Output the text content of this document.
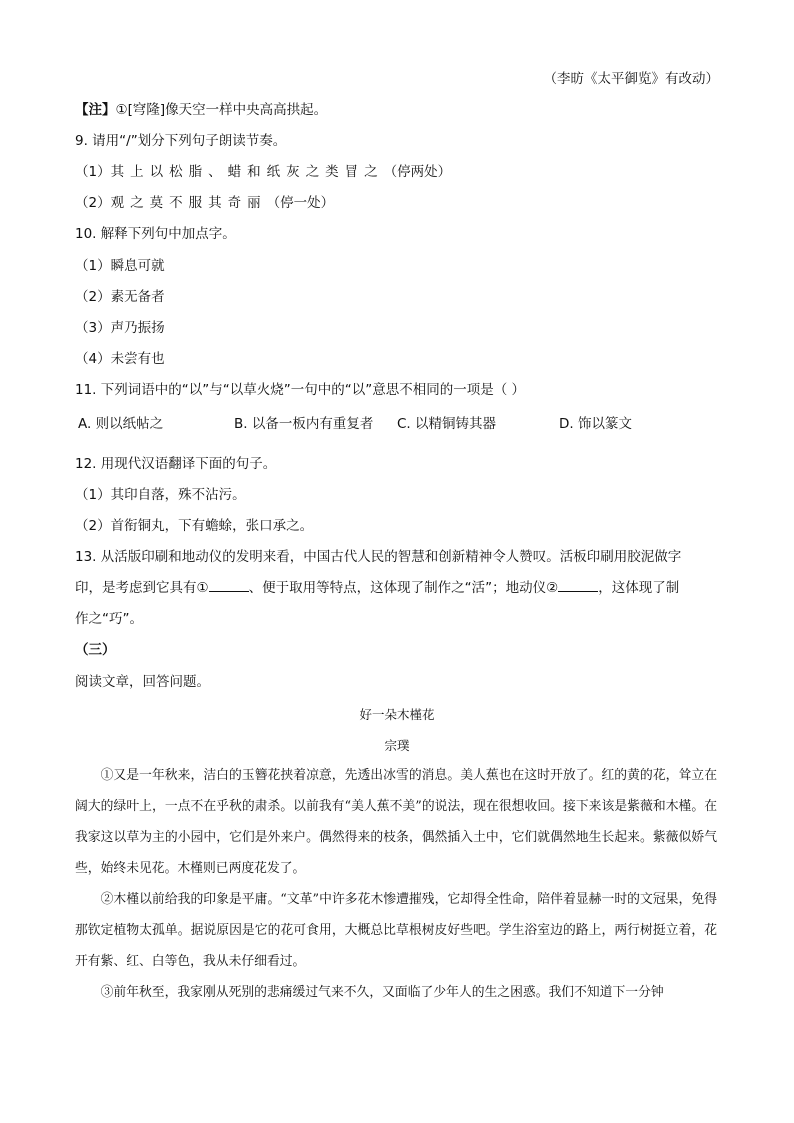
（李昉《太平御览》有改动）
【注】①[穹隆]像天空一样中央高高拱起。
9. 请用“/”划分下列句子朗读节奏。
（1）其上以松脂、蜡和纸灰之类冒之（停两处）
（2）观之莫不服其奇丽（停一处）
10. 解释下列句中加点字。
（1）瞬息可就
（2）素无备者
（3）声乃振扬
（4）未尝有也
11. 下列词语中的“以”与“以草火烧”一句中的“以”意思不相同的一项是（ ）
A. 则以纸帖之	B. 以备一板内有重复者 C. 以精铜铸其器	D. 饰以篆文
12. 用现代汉语翻译下面的句子。
（1）其印自落，殊不沾污。
（2）首衔铜丸，下有蟾蜍，张口承之。
13. 从活版印刷和地动仪的发明来看，中国古代人民的智慧和创新精神令人赞叹。活板印刷用胶泥做字
印，是考虑到它具有①	、便于取用等特点，这体现了制作之“活”；地动仪②	，这体现了制
作之“巧”。
（三）
阅读文章，回答问题。
好一朵木槿花
宗璞
①又是一年秋来，洁白的玉簪花挟着凉意，先透出冰雪的消息。美人蕉也在这时开放了。红的黄的花，耸立在阔大的绿叶上，一点不在乎秋的肃杀。以前我有“美人蕉不美”的说法，现在很想收回。接下来该是紫薇和木槿。在我家这以草为主的小园中，它们是外来户。偶然得来的枝条，偶然插入土中，它们就偶然地生长起来。紫薇似娇气些，始终未见花。木槿则已两度花发了。
②木槿以前给我的印象是平庸。“文革”中许多花木惨遭摧残，它却得全性命，陪伴着显赫一时的文冠果，免得那钦定植物太孤单。据说原因是它的花可食用，大概总比草根树皮好些吧。学生浴室边的路上，两行树挺立着，花开有紫、红、白等色，我从未仔细看过。
③前年秋至，我家刚从死别的悲痛缓过气来不久，又面临了少年人的生之困惑。我们不知道下一分钟
